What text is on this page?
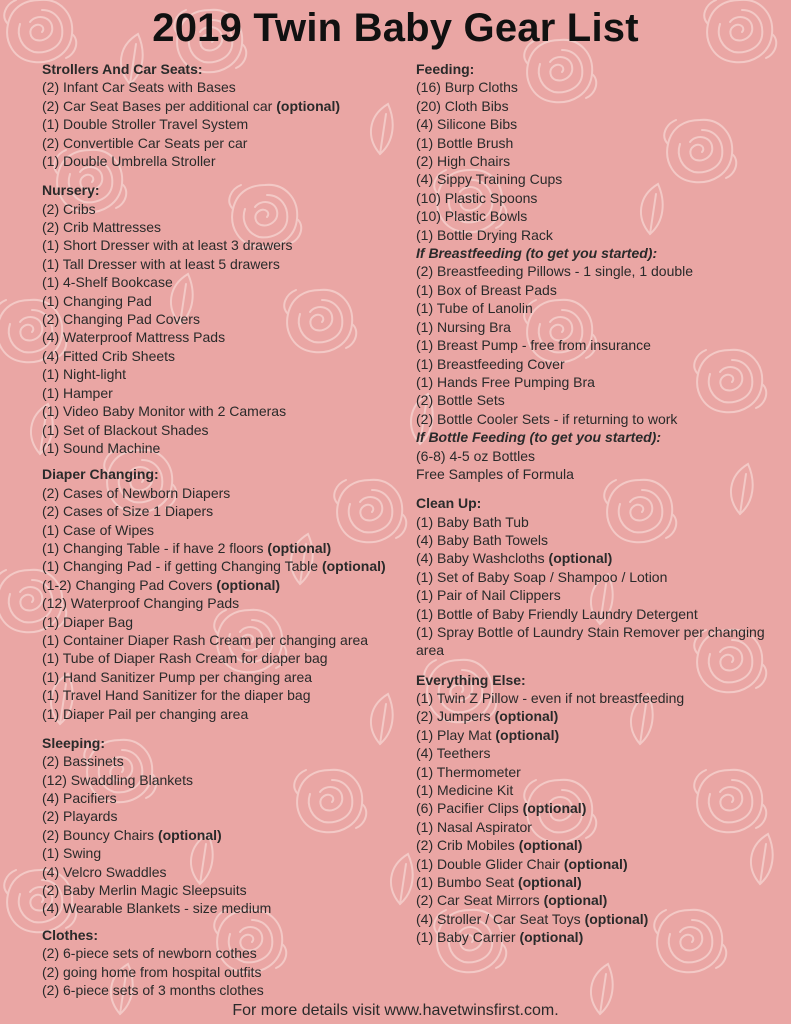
2019 Twin Baby Gear List
Strollers And Car Seats:
(2) Infant Car Seats with Bases
(2) Car Seat Bases per additional car (optional)
(1) Double Stroller Travel System
(2) Convertible Car Seats per car
(1) Double Umbrella Stroller
Nursery:
(2) Cribs
(2) Crib Mattresses
(1) Short Dresser with at least 3 drawers
(1) Tall Dresser with at least 5 drawers
(1) 4-Shelf Bookcase
(1) Changing Pad
(2) Changing Pad Covers
(4) Waterproof Mattress Pads
(4) Fitted Crib Sheets
(1) Night-light
(1) Hamper
(1) Video Baby Monitor with 2 Cameras
(1) Set of Blackout Shades
(1) Sound Machine
Diaper Changing:
(2) Cases of Newborn Diapers
(2) Cases of Size 1 Diapers
(1) Case of Wipes
(1) Changing Table - if have 2 floors (optional)
(1) Changing Pad - if getting Changing Table (optional)
(1-2) Changing Pad Covers (optional)
(12) Waterproof Changing Pads
(1) Diaper Bag
(1) Container Diaper Rash Cream per changing area
(1) Tube of Diaper Rash Cream for diaper bag
(1) Hand Sanitizer Pump per changing area
(1) Travel Hand Sanitizer for the diaper bag
(1) Diaper Pail per changing area
Sleeping:
(2) Bassinets
(12) Swaddling Blankets
(4) Pacifiers
(2) Playards
(2) Bouncy Chairs (optional)
(1) Swing
(4) Velcro Swaddles
(2) Baby Merlin Magic Sleepsuits
(4) Wearable Blankets - size medium
Clothes:
(2) 6-piece sets of newborn cothes
(2) going home from hospital outfits
(2) 6-piece sets of 3 months clothes
Feeding:
(16) Burp Cloths
(20) Cloth Bibs
(4) Silicone Bibs
(1) Bottle Brush
(2) High Chairs
(4) Sippy Training Cups
(10) Plastic Spoons
(10) Plastic Bowls
(1) Bottle Drying Rack
If Breastfeeding (to get you started):
(2) Breastfeeding Pillows - 1 single, 1 double
(1) Box of Breast Pads
(1) Tube of Lanolin
(1) Nursing Bra
(1) Breast Pump - free from insurance
(1) Breastfeeding Cover
(1) Hands Free Pumping Bra
(2) Bottle Sets
(2) Bottle Cooler Sets - if returning to work
If Bottle Feeding (to get you started):
(6-8) 4-5 oz Bottles
Free Samples of Formula
Clean Up:
(1) Baby Bath Tub
(4) Baby Bath Towels
(4) Baby Washcloths (optional)
(1) Set of Baby Soap / Shampoo / Lotion
(1) Pair of Nail Clippers
(1) Bottle of Baby Friendly Laundry Detergent
(1) Spray Bottle of Laundry Stain Remover per changing area
Everything Else:
(1) Twin Z Pillow - even if not breastfeeding
(2) Jumpers (optional)
(1) Play Mat (optional)
(4) Teethers
(1) Thermometer
(1) Medicine Kit
(6) Pacifier Clips (optional)
(1) Nasal Aspirator
(2) Crib Mobiles (optional)
(1) Double Glider Chair (optional)
(1) Bumbo Seat (optional)
(2) Car Seat Mirrors (optional)
(4) Stroller / Car Seat Toys (optional)
(1) Baby Carrier (optional)
For more details visit www.havetwinsfirst.com.
